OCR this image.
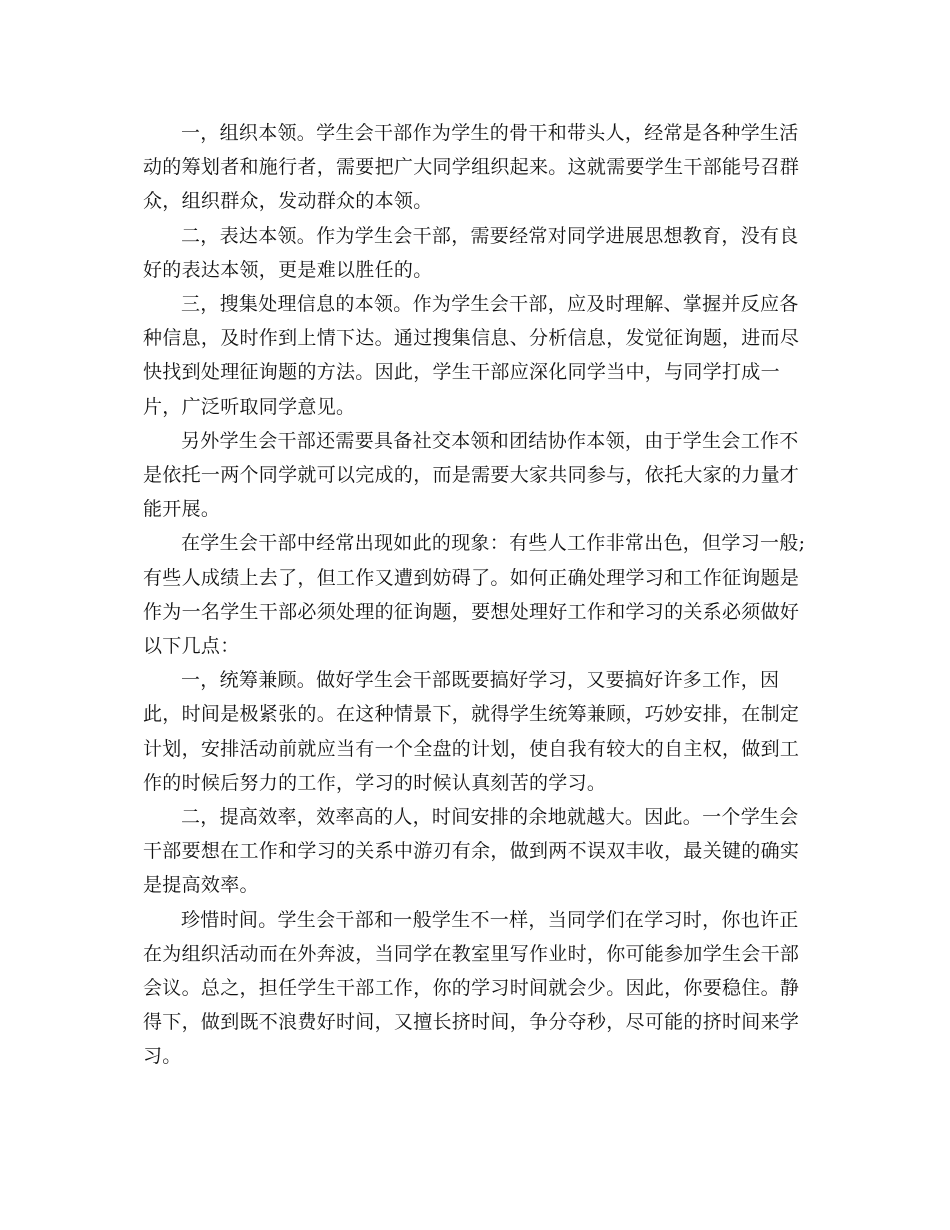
一，组织本领。学生会干部作为学生的骨干和带头人，经常是各种学生活动的筹划者和施行者，需要把广大同学组织起来。这就需要学生干部能号召群众，组织群众，发动群众的本领。

二，表达本领。作为学生会干部，需要经常对同学进展思想教育，没有良好的表达本领，更是难以胜任的。

三，搜集处理信息的本领。作为学生会干部，应及时理解、掌握并反应各种信息，及时作到上情下达。通过搜集信息、分析信息，发觉征询题，进而尽快找到处理征询题的方法。因此，学生干部应深化同学当中，与同学打成一片，广泛听取同学意见。

另外学生会干部还需要具备社交本领和团结协作本领，由于学生会工作不是依托一两个同学就可以完成的，而是需要大家共同参与，依托大家的力量才能开展。

在学生会干部中经常出现如此的现象：有些人工作非常出色，但学习一般;有些人成绩上去了，但工作又遭到妨碍了。如何正确处理学习和工作征询题是作为一名学生干部必须处理的征询题，要想处理好工作和学习的关系必须做好以下几点：

一，统筹兼顾。做好学生会干部既要搞好学习，又要搞好许多工作，因此，时间是极紧张的。在这种情景下，就得学生统筹兼顾，巧妙安排，在制定计划，安排活动前就应当有一个全盘的计划，使自我有较大的自主权，做到工作的时候后努力的工作，学习的时候认真刻苦的学习。

二，提高效率，效率高的人，时间安排的余地就越大。因此。一个学生会干部要想在工作和学习的关系中游刃有余，做到两不误双丰收，最关键的确实是提高效率。

珍惜时间。学生会干部和一般学生不一样，当同学们在学习时，你也许正在为组织活动而在外奔波，当同学在教室里写作业时，你可能参加学生会干部会议。总之，担任学生干部工作，你的学习时间就会少。因此，你要稳住。静得下，做到既不浪费好时间，又擅长挤时间，争分夺秒，尽可能的挤时间来学习。
